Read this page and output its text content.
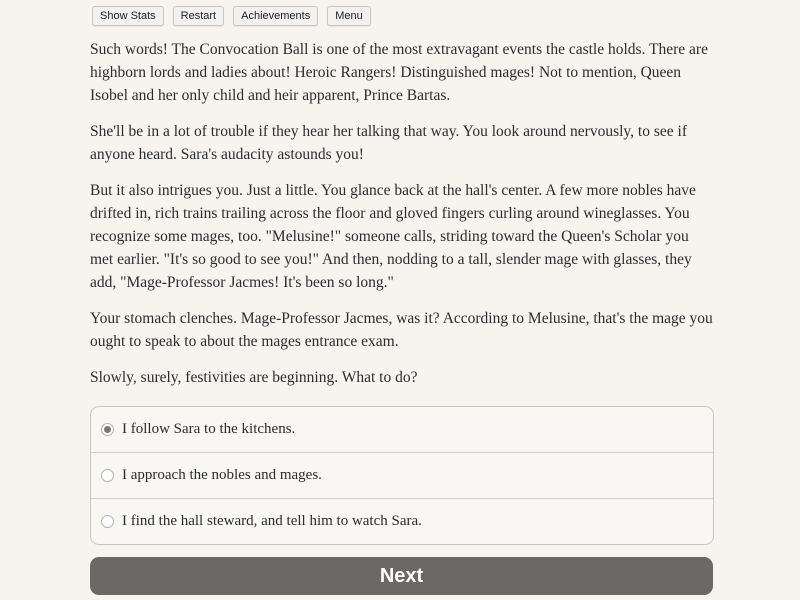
Show Stats	Restart	Achievements	Menu

Such words! The Convocation Ball is one of the most extravagant events the castle holds. There are highborn lords and ladies about! Heroic Rangers! Distinguished mages! Not to mention, Queen Isobel and her only child and heir apparent, Prince Bartas.

She'll be in a lot of trouble if they hear her talking that way. You look around nervously, to see if anyone heard. Sara's audacity astounds you!

But it also intrigues you. Just a little. You glance back at the hall's center. A few more nobles have drifted in, rich trains trailing across the floor and gloved fingers curling around wineglasses. You recognize some mages, too. "Melusine!" someone calls, striding toward the Queen's Scholar you met earlier. "It's so good to see you!" And then, nodding to a tall, slender mage with glasses, they add, "Mage-Professor Jacmes! It's been so long."

Your stomach clenches. Mage-Professor Jacmes, was it? According to Melusine, that's the mage you ought to speak to about the mages entrance exam.

Slowly, surely, festivities are beginning. What to do?

I follow Sara to the kitchens.
I approach the nobles and mages.
I find the hall steward, and tell him to watch Sara.
Next
